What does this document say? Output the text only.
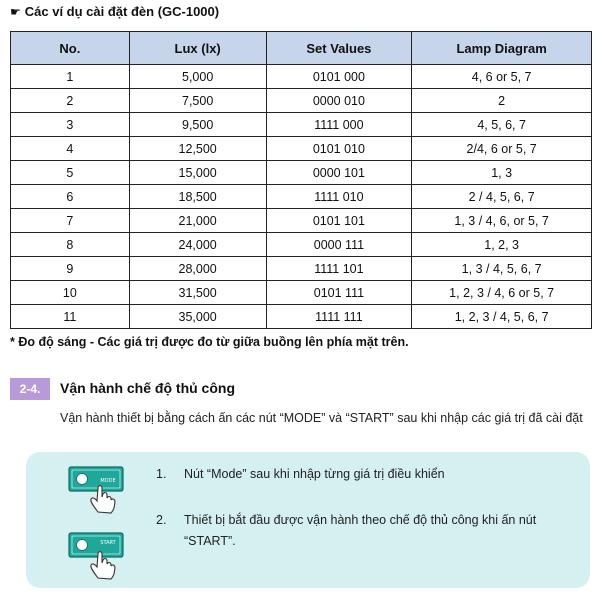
☛ Các ví dụ cài đặt đèn (GC-1000)
No.	Lux (lx)	Set Values	Lamp Diagram
1	5,000	0101 000	4, 6 or 5, 7
2	7,500	0000 010	2
3	9,500	1111 000	4, 5, 6, 7
4	12,500	0101 010	2/4, 6 or 5, 7
5	15,000	0000 101	1, 3
6	18,500	1111 010	2 / 4, 5, 6, 7
7	21,000	0101 101	1, 3 / 4, 6, or 5, 7
8	24,000	0000 111	1, 2, 3
9	28,000	1111 101	1, 3 / 4, 5, 6, 7
10	31,500	0101 111	1, 2, 3 / 4, 6 or 5, 7
11	35,000	1111 111	1, 2, 3 / 4, 5, 6, 7
* Đo độ sáng - Các giá trị được đo từ giữa buồng lên phía mặt trên.
2-4.	Vận hành chế độ thủ công
Vận hành thiết bị bằng cách ấn các nút “MODE” và “START” sau khi nhập các giá trị đã cài đặt
MODE
START
1. Nút “Mode” sau khi nhập từng giá trị điều khiển
2. Thiết bị bắt đầu được vận hành theo chế độ thủ công khi ấn nút “START”.
